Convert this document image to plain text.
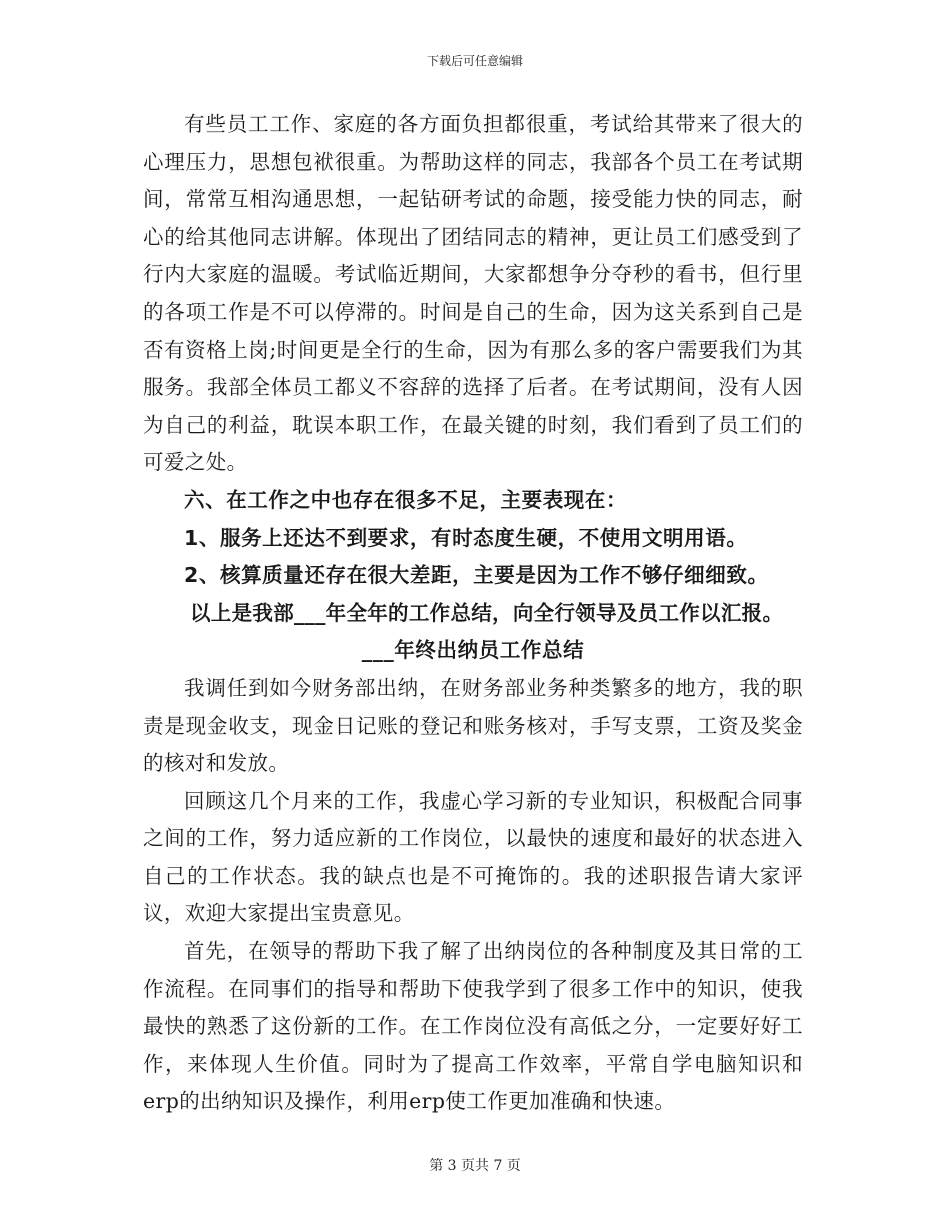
下载后可任意编辑

有些员工工作、家庭的各方面负担都很重，考试给其带来了很大的心理压力，思想包袱很重。为帮助这样的同志，我部各个员工在考试期间，常常互相沟通思想，一起钻研考试的命题，接受能力快的同志，耐心的给其他同志讲解。体现出了团结同志的精神，更让员工们感受到了行内大家庭的温暖。考试临近期间，大家都想争分夺秒的看书，但行里的各项工作是不可以停滞的。时间是自己的生命，因为这关系到自己是否有资格上岗;时间更是全行的生命，因为有那么多的客户需要我们为其服务。我部全体员工都义不容辞的选择了后者。在考试期间，没有人因为自己的利益，耽误本职工作，在最关键的时刻，我们看到了员工们的可爱之处。

六、在工作之中也存在很多不足，主要表现在：

1、服务上还达不到要求，有时态度生硬，不使用文明用语。

2、核算质量还存在很大差距，主要是因为工作不够仔细细致。

以上是我部___年全年的工作总结，向全行领导及员工作以汇报。

___年终出纳员工作总结

我调任到如今财务部出纳，在财务部业务种类繁多的地方，我的职责是现金收支，现金日记账的登记和账务核对，手写支票，工资及奖金的核对和发放。

回顾这几个月来的工作，我虚心学习新的专业知识，积极配合同事之间的工作，努力适应新的工作岗位，以最快的速度和最好的状态进入自己的工作状态。我的缺点也是不可掩饰的。我的述职报告请大家评议，欢迎大家提出宝贵意见。

首先，在领导的帮助下我了解了出纳岗位的各种制度及其日常的工作流程。在同事们的指导和帮助下使我学到了很多工作中的知识，使我最快的熟悉了这份新的工作。在工作岗位没有高低之分，一定要好好工作，来体现人生价值。同时为了提高工作效率，平常自学电脑知识和erp的出纳知识及操作，利用erp使工作更加准确和快速。

第 3 页共 7 页
